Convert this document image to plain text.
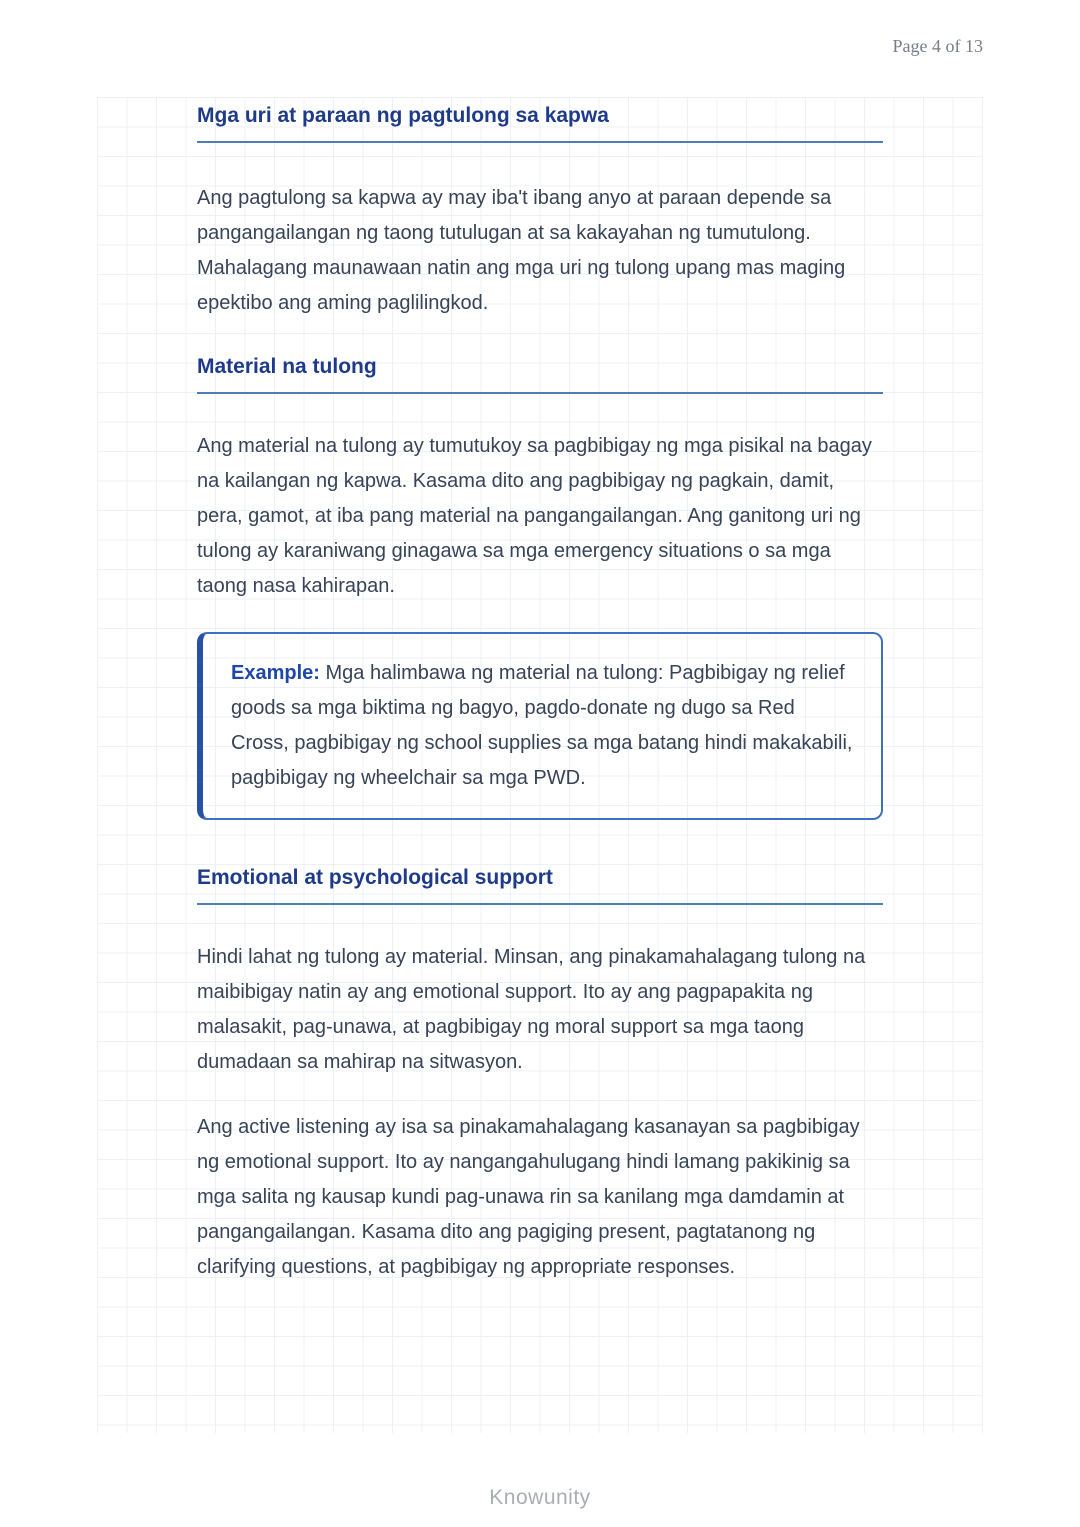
Page 4 of 13
Mga uri at paraan ng pagtulong sa kapwa

Ang pagtulong sa kapwa ay may iba't ibang anyo at paraan depende sa pangangailangan ng taong tutulugan at sa kakayahan ng tumutulong. Mahalagang maunawaan natin ang mga uri ng tulong upang mas maging epektibo ang aming paglilingkod.

Material na tulong

Ang material na tulong ay tumutukoy sa pagbibigay ng mga pisikal na bagay na kailangan ng kapwa. Kasama dito ang pagbibigay ng pagkain, damit, pera, gamot, at iba pang material na pangangailangan. Ang ganitong uri ng tulong ay karaniwang ginagawa sa mga emergency situations o sa mga taong nasa kahirapan.

Example: Mga halimbawa ng material na tulong: Pagbibigay ng relief goods sa mga biktima ng bagyo, pagdo-donate ng dugo sa Red Cross, pagbibigay ng school supplies sa mga batang hindi makakabili, pagbibigay ng wheelchair sa mga PWD.

Emotional at psychological support

Hindi lahat ng tulong ay material. Minsan, ang pinakamahalagang tulong na maibibigay natin ay ang emotional support. Ito ay ang pagpapakita ng malasakit, pag-unawa, at pagbibigay ng moral support sa mga taong dumadaan sa mahirap na sitwasyon.

Ang active listening ay isa sa pinakamahalagang kasanayan sa pagbibigay ng emotional support. Ito ay nangangahulugang hindi lamang pakikinig sa mga salita ng kausap kundi pag-unawa rin sa kanilang mga damdamin at pangangailangan. Kasama dito ang pagiging present, pagtatanong ng clarifying questions, at pagbibigay ng appropriate responses.

Knowunity
